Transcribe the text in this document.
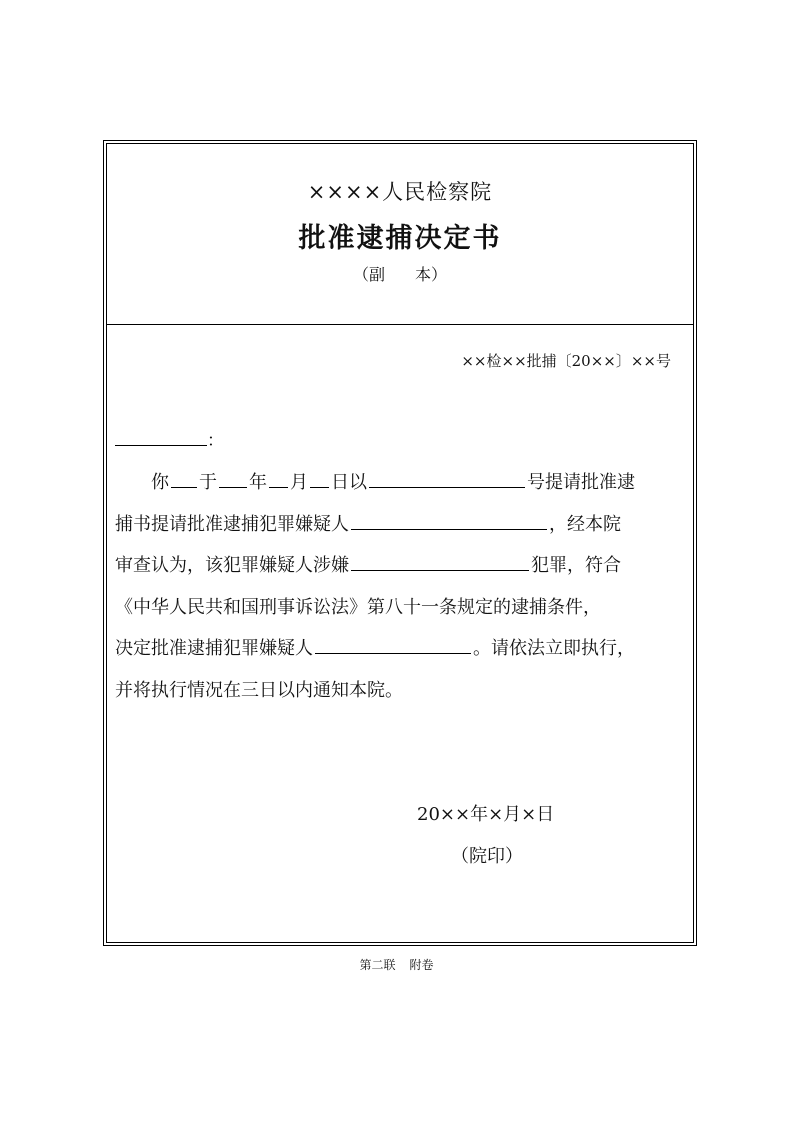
××××人民检察院
批准逮捕决定书
（副 本）
××检××批捕〔20××〕××号
：

你 于 年 月 日以	号提请批准逮

捕书提请批准逮捕犯罪嫌疑人	，经本院

审查认为，该犯罪嫌疑人涉嫌	犯罪，符合

《中华人民共和国刑事诉讼法》第八十一条规定的逮捕条件，

决定批准逮捕犯罪嫌疑人	。请依法立即执行，

并将执行情况在三日以内通知本院。

20××年×月×日
（院印）
第二联 附卷
